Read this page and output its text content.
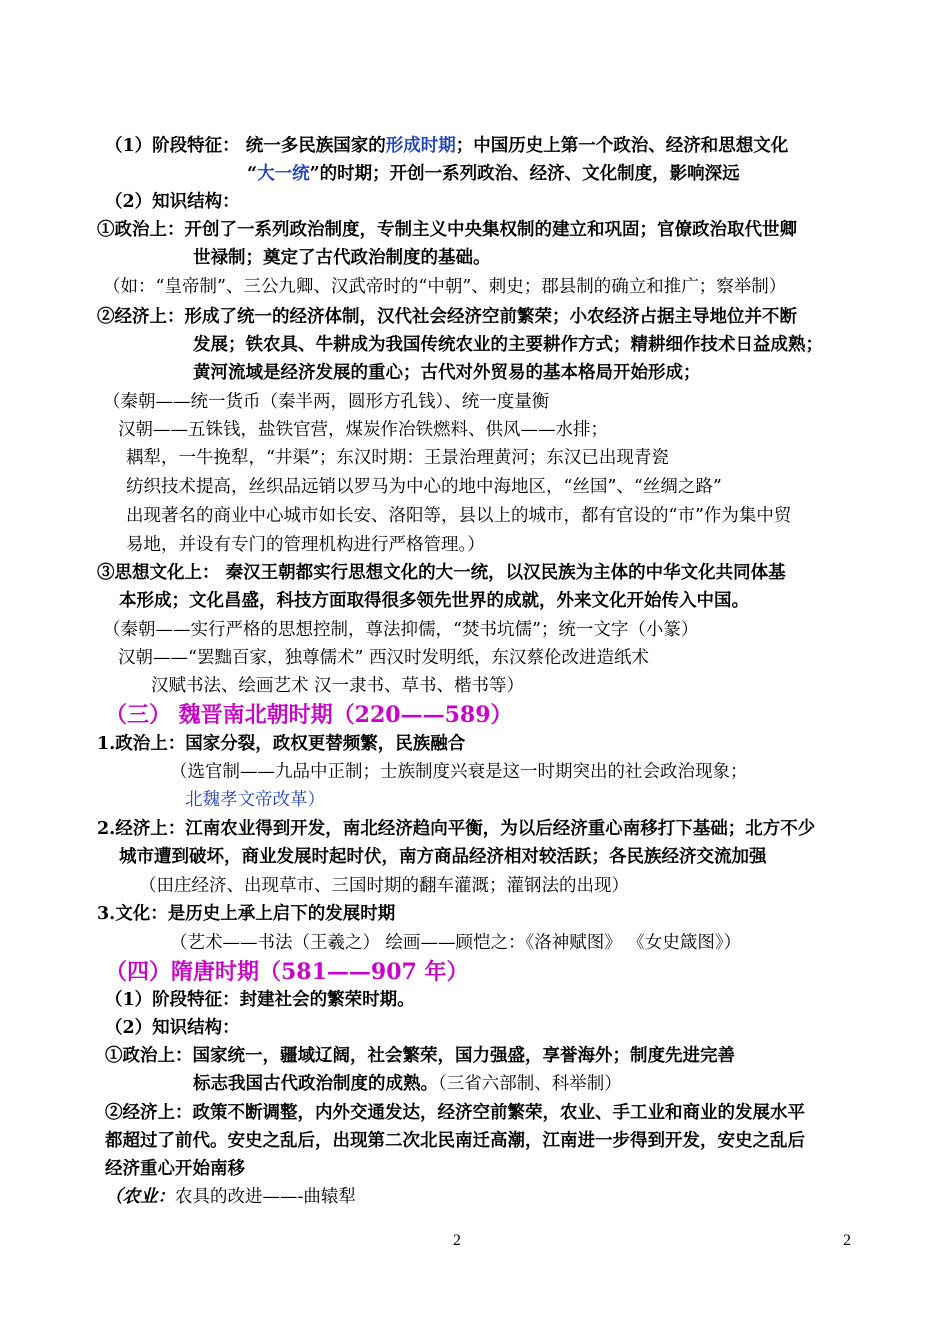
（1）阶段特征： 统一多民族国家的形成时期；中国历史上第一个政治、经济和思想文化
“大一统”的时期；开创一系列政治、经济、文化制度，影响深远
（2）知识结构：
①政治上：开创了一系列政治制度，专制主义中央集权制的建立和巩固；官僚政治取代世卿
世禄制；奠定了古代政治制度的基础。
（如：“皇帝制”、三公九卿、汉武帝时的“中朝”、刺史；郡县制的确立和推广；察举制）
②经济上：形成了统一的经济体制，汉代社会经济空前繁荣；小农经济占据主导地位并不断
发展；铁农具、牛耕成为我国传统农业的主要耕作方式；精耕细作技术日益成熟；
黄河流域是经济发展的重心；古代对外贸易的基本格局开始形成；
（秦朝——统一货币（秦半两，圆形方孔钱）、统一度量衡
汉朝——五铢钱，盐铁官营，煤炭作冶铁燃料、供风——水排；
耦犁，一牛挽犁，“井渠”；东汉时期：王景治理黄河；东汉已出现青瓷
纺织技术提高，丝织品远销以罗马为中心的地中海地区，“丝国”、“丝绸之路”
出现著名的商业中心城市如长安、洛阳等，县以上的城市，都有官设的“市”作为集中贸
易地，并设有专门的管理机构进行严格管理。）
③思想文化上： 秦汉王朝都实行思想文化的大一统，以汉民族为主体的中华文化共同体基
本形成；文化昌盛，科技方面取得很多领先世界的成就，外来文化开始传入中国。
（秦朝——实行严格的思想控制，尊法抑儒，“焚书坑儒”；统一文字（小篆）
汉朝——“罢黜百家，独尊儒术” 西汉时发明纸，东汉蔡伦改进造纸术
汉赋书法、绘画艺术 汉一隶书、草书、楷书等）
（三） 魏晋南北朝时期（220——589）
1.政治上：国家分裂，政权更替频繁，民族融合
（选官制——九品中正制；士族制度兴衰是这一时期突出的社会政治现象；
北魏孝文帝改革）
2.经济上：江南农业得到开发，南北经济趋向平衡，为以后经济重心南移打下基础；北方不少
城市遭到破坏，商业发展时起时伏，南方商品经济相对较活跃；各民族经济交流加强
（田庄经济、出现草市、三国时期的翻车灌溉；灌钢法的出现）
3.文化：是历史上承上启下的发展时期
（艺术——书法（王羲之） 绘画——顾恺之：《洛神赋图》 《女史箴图》）
（四）隋唐时期（581——907 年）
（1）阶段特征：封建社会的繁荣时期。
（2）知识结构：
①政治上：国家统一，疆域辽阔，社会繁荣，国力强盛，享誉海外；制度先进完善
标志我国古代政治制度的成熟。（三省六部制、科举制）
②经济上：政策不断调整，内外交通发达，经济空前繁荣，农业、手工业和商业的发展水平
都超过了前代。安史之乱后，出现第二次北民南迁高潮，江南进一步得到开发，安史之乱后
经济重心开始南移
（农业：农具的改进——-曲辕犁
2	2
